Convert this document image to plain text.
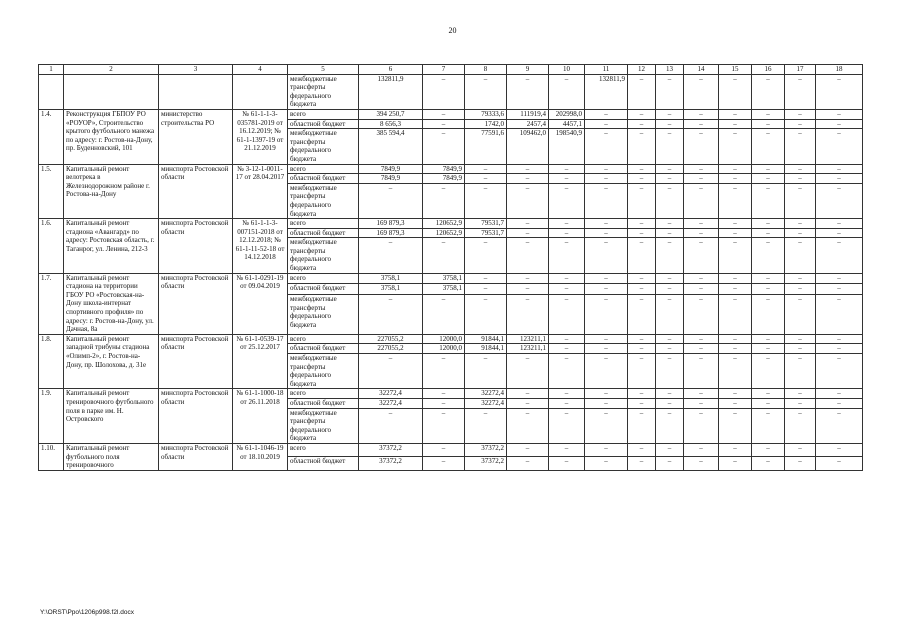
20
1	2	3	4	5	6	7	8	9	10	11	12	13	14	15	16	17	18
				межбюджетные трансферты федерального бюджета	132811,9	–	–	–	–	132811,9	–	–	–	–	–	–	–
1.4.	Реконструкция ГБПОУ РО «РОУОР», Строительство крытого футбольного манежа по адресу: г. Ростов-на-Дону, пр. Буденновский, 101	министерство строительства РО	№ 61-1-1-3-035781-2019 от 16.12.2019; № 61-1-1397-19 от 21.12.2019	всего	394 250,7	–	79333,6	111919,4	202998,0	–	–	–	–	–	–	–	–
				областной бюджет	8 656,3	–	1742,0	2457,4	4457,1	–	–	–	–	–	–	–	–
				межбюджетные трансферты федерального бюджета	385 594,4	–	77591,6	109462,0	198540,9	–	–	–	–	–	–	–	–
1.5.	Капитальный ремонт велотрека в Железнодорожном районе г. Ростова-на-Дону	минспорта Ростовской области	№ 3-12-1-0011-17 от 28.04.2017	всего	7849,9	7849,9	–	–	–	–	–	–	–	–	–	–	–
				областной бюджет	7849,9	7849,9	–	–	–	–	–	–	–	–	–	–	–
				межбюджетные трансферты федерального бюджета	–	–	–	–	–	–	–	–	–	–	–	–	–
1.6.	Капитальный ремонт стадиона «Авангард» по адресу: Ростовская область, г. Таганрог, ул. Ленина, 212-3	минспорта Ростовской области	№ 61-1-1-3-007151-2018 от 12.12.2018; № 61-1-11-52-18 от 14.12.2018	всего	169 879,3	120652,9	79531,7	–	–	–	–	–	–	–	–	–	–
				областной бюджет	169 879,3	120652,9	79531,7	–	–	–	–	–	–	–	–	–	–
				межбюджетные трансферты федерального бюджета	–	–	–	–	–	–	–	–	–	–	–	–	–
1.7.	Капитальный ремонт стадиона на территории ГБОУ РО «Ростовская-на-Дону школа-интернат спортивного профиля» по адресу: г. Ростов-на-Дону, ул. Дачная, 8а	минспорта Ростовской области	№ 61-1-0291-19 от 09.04.2019	всего	3758,1	3758,1	–	–	–	–	–	–	–	–	–	–	–
				областной бюджет	3758,1	3758,1	–	–	–	–	–	–	–	–	–	–	–
				межбюджетные трансферты федерального бюджета	–	–	–	–	–	–	–	–	–	–	–	–	–
1.8.	Капитальный ремонт западной трибуны стадиона «Олимп-2», г. Ростов-на-Дону, пр. Шолохова, д. 31е	минспорта Ростовской области	№ 61-1-0539-17 от 25.12.2017	всего	227055,2	12000,0	91844,1	123211,1	–	–	–	–	–	–	–	–	–
				областной бюджет	227055,2	12000,0	91844,1	123211,1	–	–	–	–	–	–	–	–	–
				межбюджетные трансферты федерального бюджета	–	–	–	–	–	–	–	–	–	–	–	–	–
1.9.	Капитальный ремонт тренировочного футбольного поля в парке им. Н. Островского	минспорта Ростовской области	№ 61-1-1000-18 от 26.11.2018	всего	32272,4	–	32272,4	–	–	–	–	–	–	–	–	–	–
				областной бюджет	32272,4	–	32272,4	–	–	–	–	–	–	–	–	–	–
				межбюджетные трансферты федерального бюджета	–	–	–	–	–	–	–	–	–	–	–	–	–
1.10.	Капитальный ремонт футбольного поля тренировочного	минспорта Ростовской области	№ 61-1-1046-19 от 18.10.2019	всего	37372,2	–	37372,2	–	–	–	–	–	–	–	–	–	–
				областной бюджет	37372,2	–	37372,2	–	–	–	–	–	–	–	–	–	–
Y:\ORST\Ppo\1206p998.f2l.docx
